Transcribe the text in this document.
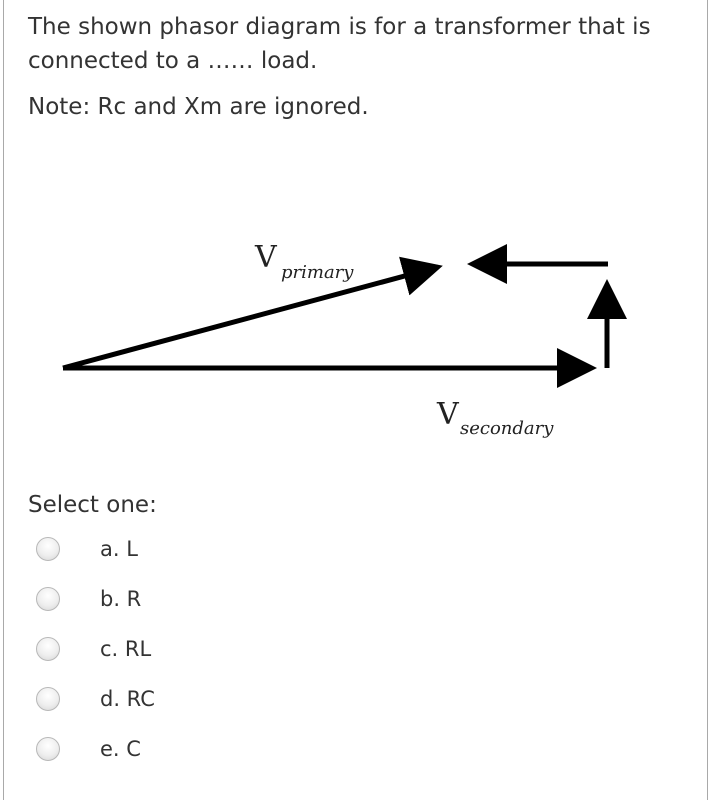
The shown phasor diagram is for a transformer that is connected to a …… load.

Note: Rc and Xm are ignored.

V primary
V secondary
Select one:
a. L
b. R
c. RL
d. RC
e. C
